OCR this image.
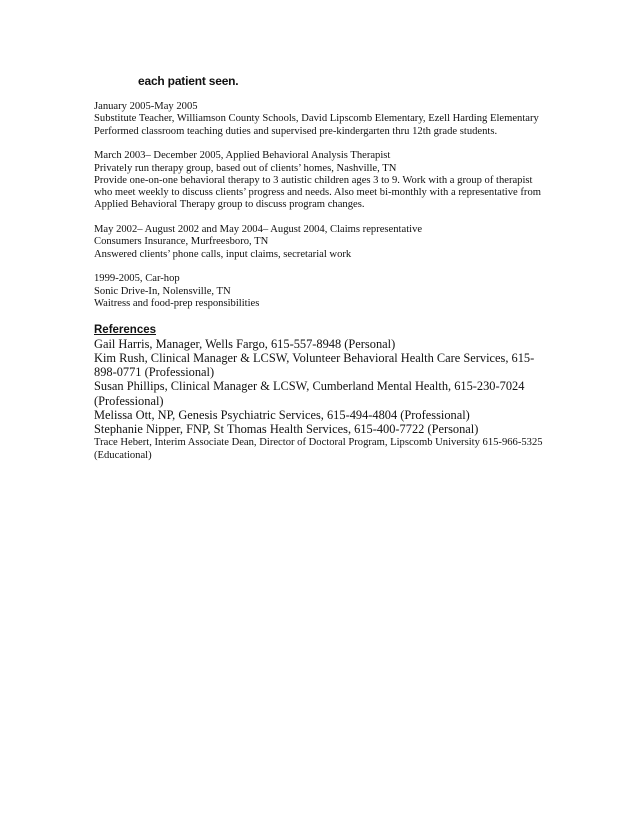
each patient seen.
January 2005-May 2005
Substitute Teacher, Williamson County Schools, David Lipscomb Elementary, Ezell Harding Elementary
Performed classroom teaching duties and supervised pre-kindergarten thru 12th grade students.
March 2003– December 2005, Applied Behavioral Analysis Therapist
Privately run therapy group, based out of clients’ homes, Nashville, TN
Provide one-on-one behavioral therapy to 3 autistic children ages 3 to 9. Work with a group of therapist who meet weekly to discuss clients’ progress and needs. Also meet bi-monthly with a representative from Applied Behavioral Therapy group to discuss program changes.
May 2002– August 2002 and May 2004– August 2004, Claims representative
Consumers Insurance, Murfreesboro, TN
Answered clients’ phone calls, input claims, secretarial work
1999-2005, Car-hop
Sonic Drive-In, Nolensville, TN
Waitress and food-prep responsibilities
References
Gail Harris, Manager, Wells Fargo, 615-557-8948 (Personal)
Kim Rush, Clinical Manager & LCSW, Volunteer Behavioral Health Care Services, 615-898-0771 (Professional)
Susan Phillips, Clinical Manager & LCSW, Cumberland Mental Health, 615-230-7024 (Professional)
Melissa Ott, NP, Genesis Psychiatric Services, 615-494-4804 (Professional)
Stephanie Nipper, FNP, St Thomas Health Services, 615-400-7722 (Personal)
Trace Hebert, Interim Associate Dean, Director of Doctoral Program, Lipscomb University 615-966-5325 (Educational)
